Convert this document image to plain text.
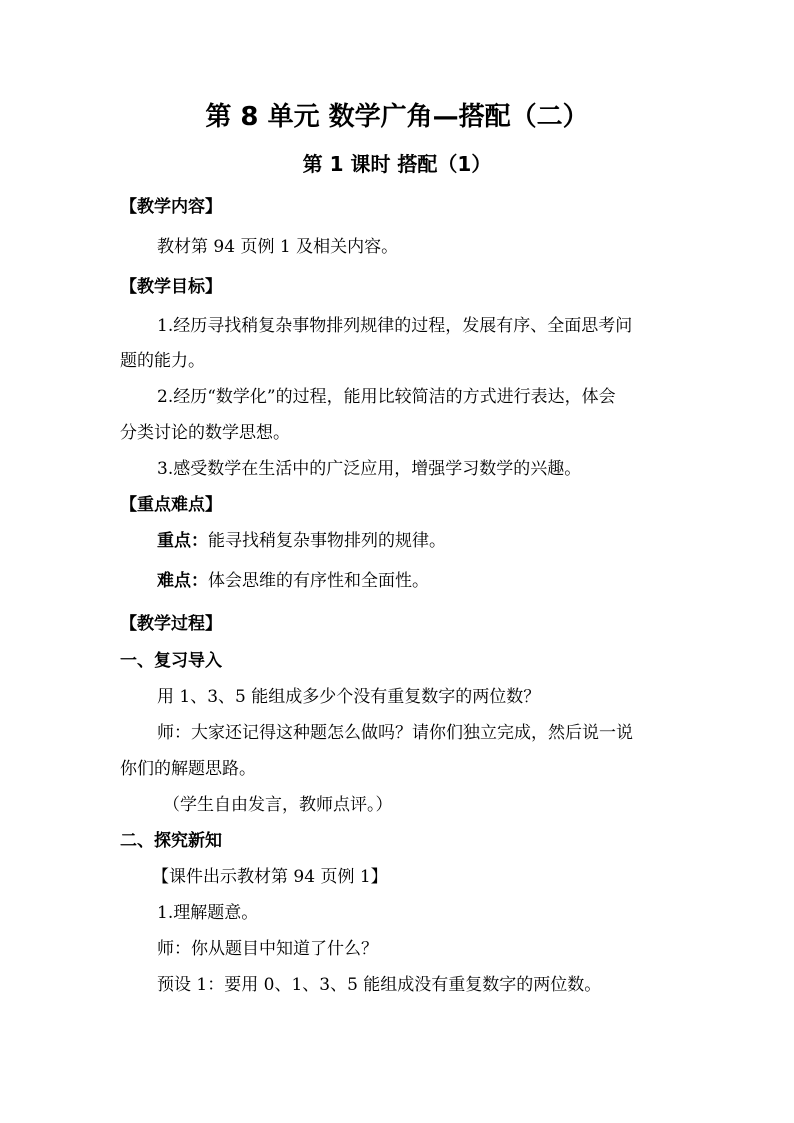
第 8 单元 数学广角—搭配（二）
第 1 课时 搭配（1）
【教学内容】
教材第 94 页例 1 及相关内容。
【教学目标】
1.经历寻找稍复杂事物排列规律的过程，发展有序、全面思考问
题的能力。
2.经历“数学化”的过程，能用比较简洁的方式进行表达，体会
分类讨论的数学思想。
3.感受数学在生活中的广泛应用，增强学习数学的兴趣。
【重点难点】
重点：能寻找稍复杂事物排列的规律。
难点：体会思维的有序性和全面性。
【教学过程】
一、复习导入
用 1、3、5 能组成多少个没有重复数字的两位数？
师：大家还记得这种题怎么做吗？请你们独立完成，然后说一说
你们的解题思路。
（学生自由发言，教师点评。）
二、探究新知
【课件出示教材第 94 页例 1】
1.理解题意。
师：你从题目中知道了什么？
预设 1：要用 0、1、3、5 能组成没有重复数字的两位数。
